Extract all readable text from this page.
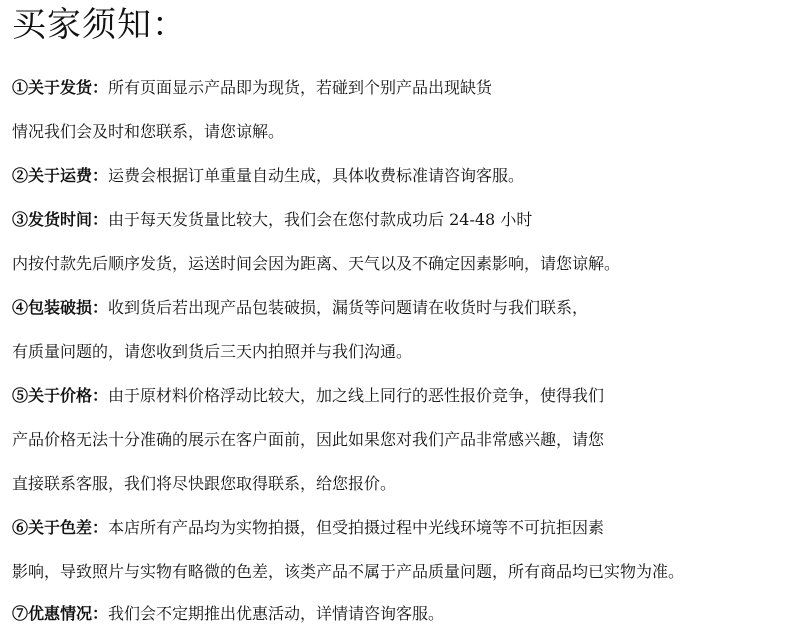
买家须知：
①关于发货：所有页面显示产品即为现货，若碰到个别产品出现缺货
情况我们会及时和您联系，请您谅解。
②关于运费：运费会根据订单重量自动生成，具体收费标准请咨询客服。
③发货时间：由于每天发货量比较大，我们会在您付款成功后 24-48 小时
内按付款先后顺序发货，运送时间会因为距离、天气以及不确定因素影响，请您谅解。
④包装破损：收到货后若出现产品包装破损，漏货等问题请在收货时与我们联系，
有质量问题的，请您收到货后三天内拍照并与我们沟通。
⑤关于价格：由于原材料价格浮动比较大，加之线上同行的恶性报价竞争，使得我们
产品价格无法十分准确的展示在客户面前，因此如果您对我们产品非常感兴趣，请您
直接联系客服，我们将尽快跟您取得联系，给您报价。
⑥关于色差：本店所有产品均为实物拍摄，但受拍摄过程中光线环境等不可抗拒因素
影响，导致照片与实物有略微的色差，该类产品不属于产品质量问题，所有商品均已实物为准。
⑦优惠情况：我们会不定期推出优惠活动，详情请咨询客服。
